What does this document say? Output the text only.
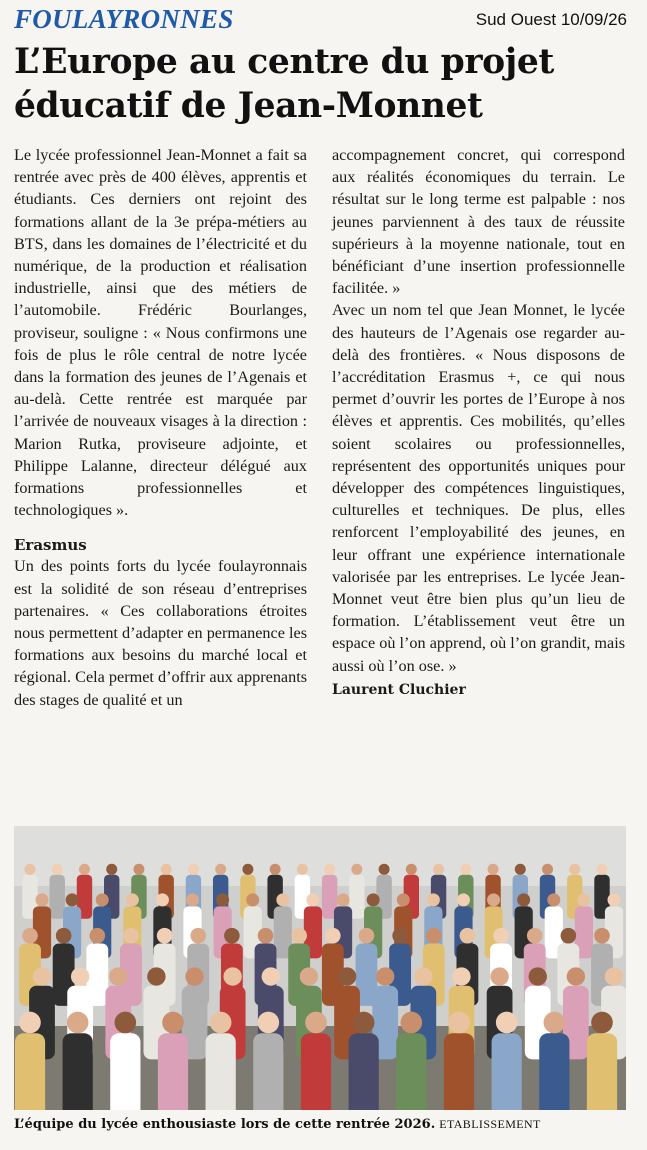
FOULAYRONNES	Sud Ouest 10/09/26
L’Europe au centre du projet éducatif de Jean-Monnet

Le lycée professionnel Jean-Monnet a fait sa rentrée avec près de 400 élèves, apprentis et étudiants. Ces derniers ont rejoint des formations allant de la 3e prépa-métiers au BTS, dans les domaines de l’électricité et du numérique, de la production et réalisation industrielle, ainsi que des métiers de l’automobile. Frédéric Bourlanges, proviseur, souligne : « Nous confirmons une fois de plus le rôle central de notre lycée dans la formation des jeunes de l’Agenais et au-delà. Cette rentrée est marquée par l’arrivée de nouveaux visages à la direction : Marion Rutka, proviseure adjointe, et Philippe Lalanne, directeur délégué aux formations professionnelles et technologiques ».

Erasmus

Un des points forts du lycée foulayronnais est la solidité de son réseau d’entreprises partenaires. « Ces collaborations étroites nous permettent d’adapter en permanence les formations aux besoins du marché local et régional. Cela permet d’offrir aux apprenants des stages de qualité et un

accompagnement concret, qui correspond aux réalités économiques du terrain. Le résultat sur le long terme est palpable : nos jeunes parviennent à des taux de réussite supérieurs à la moyenne nationale, tout en bénéficiant d’une insertion professionnelle facilitée. »

Avec un nom tel que Jean Monnet, le lycée des hauteurs de l’Agenais ose regarder au-delà des frontières. « Nous disposons de l’accréditation Erasmus +, ce qui nous permet d’ouvrir les portes de l’Europe à nos élèves et apprentis. Ces mobilités, qu’elles soient scolaires ou professionnelles, représentent des opportunités uniques pour développer des compétences linguistiques, culturelles et techniques. De plus, elles renforcent l’employabilité des jeunes, en leur offrant une expérience internationale valorisée par les entreprises. Le lycée Jean-Monnet veut être bien plus qu’un lieu de formation. L’établissement veut être un espace où l’on apprend, où l’on grandit, mais aussi où l’on ose. »

Laurent Cluchier

L’équipe du lycée enthousiaste lors de cette rentrée 2026. ETABLISSEMENT
